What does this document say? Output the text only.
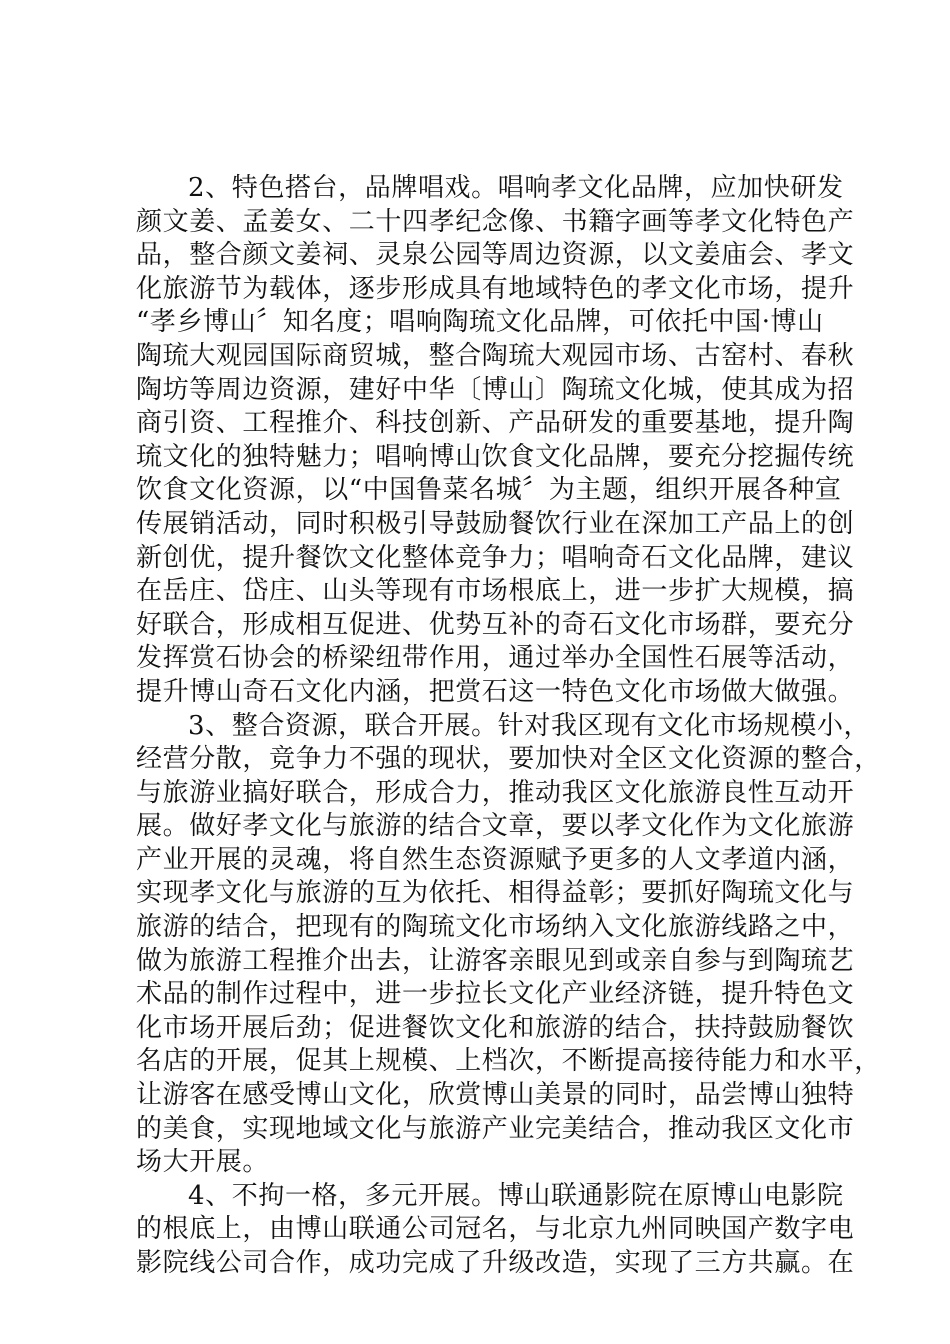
2、特色搭台，品牌唱戏。唱响孝文化品牌，应加快研发
颜文姜、孟姜女、二十四孝纪念像、书籍字画等孝文化特色产
品，整合颜文姜祠、灵泉公园等周边资源，以文姜庙会、孝文
化旅游节为载体，逐步形成具有地域特色的孝文化市场，提升
“孝乡博山〞知名度；唱响陶琉文化品牌，可依托中国·博山
陶琉大观园国际商贸城，整合陶琉大观园市场、古窑村、春秋
陶坊等周边资源，建好中华〔博山〕陶琉文化城，使其成为招
商引资、工程推介、科技创新、产品研发的重要基地，提升陶
琉文化的独特魅力；唱响博山饮食文化品牌，要充分挖掘传统
饮食文化资源，以“中国鲁菜名城〞为主题，组织开展各种宣
传展销活动，同时积极引导鼓励餐饮行业在深加工产品上的创
新创优，提升餐饮文化整体竞争力；唱响奇石文化品牌，建议
在岳庄、岱庄、山头等现有市场根底上，进一步扩大规模，搞
好联合，形成相互促进、优势互补的奇石文化市场群，要充分
发挥赏石协会的桥梁纽带作用，通过举办全国性石展等活动，
提升博山奇石文化内涵，把赏石这一特色文化市场做大做强。
3、整合资源，联合开展。针对我区现有文化市场规模小，
经营分散，竞争力不强的现状，要加快对全区文化资源的整合，
与旅游业搞好联合，形成合力，推动我区文化旅游良性互动开
展。做好孝文化与旅游的结合文章，要以孝文化作为文化旅游
产业开展的灵魂，将自然生态资源赋予更多的人文孝道内涵，
实现孝文化与旅游的互为依托、相得益彰；要抓好陶琉文化与
旅游的结合，把现有的陶琉文化市场纳入文化旅游线路之中，
做为旅游工程推介出去，让游客亲眼见到或亲自参与到陶琉艺
术品的制作过程中，进一步拉长文化产业经济链，提升特色文
化市场开展后劲；促进餐饮文化和旅游的结合，扶持鼓励餐饮
名店的开展，促其上规模、上档次，不断提高接待能力和水平，
让游客在感受博山文化，欣赏博山美景的同时，品尝博山独特
的美食，实现地域文化与旅游产业完美结合，推动我区文化市
场大开展。
4、不拘一格，多元开展。博山联通影院在原博山电影院
的根底上，由博山联通公司冠名，与北京九州同映国产数字电
影院线公司合作，成功完成了升级改造，实现了三方共赢。在
